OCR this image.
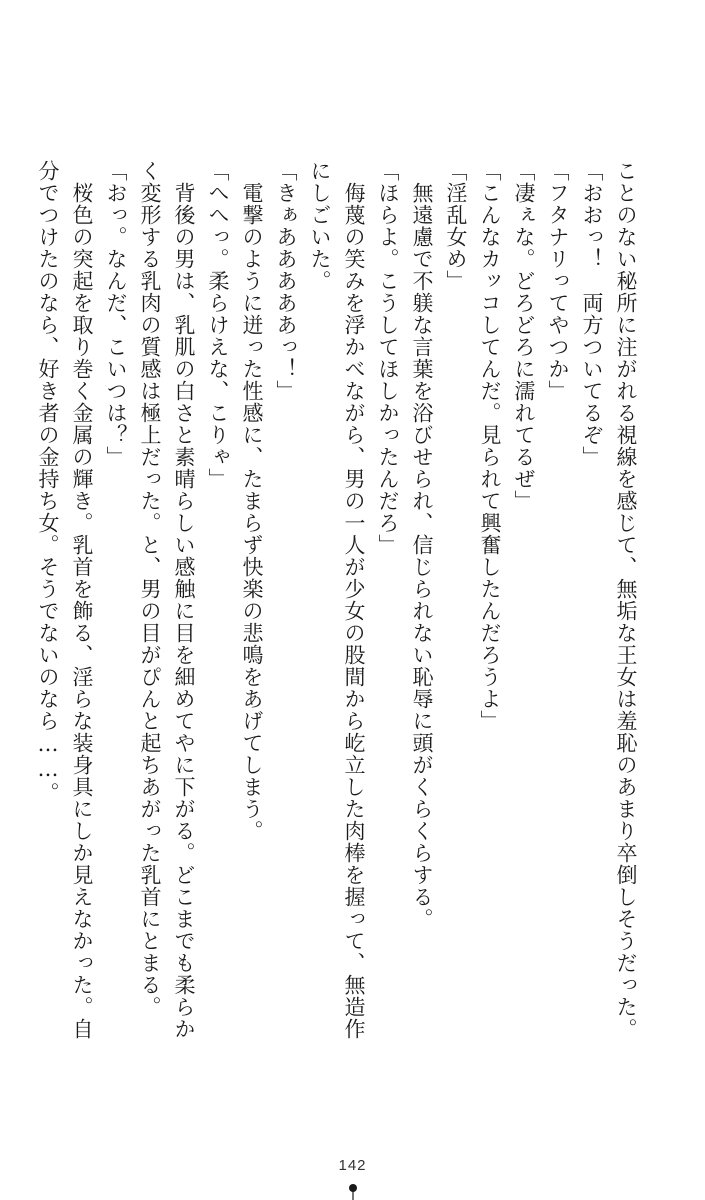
ことのない秘所に注がれる視線を感じて、無垢な王女は羞恥のあまり卒倒しそうだった。

「おおっ！　両方ついてるぞ」

「フタナリってやつか」

「凄ぇな。どろどろに濡れてるぜ」

「こんなカッコしてんだ。見られて興奮したんだろうよ」

「淫乱女め」

　無遠慮で不躾な言葉を浴びせられ、信じられない恥辱に頭がくらくらする。

「ほらよ。こうしてほしかったんだろ」

　侮蔑の笑みを浮かべながら、男の一人が少女の股間から屹立した肉棒を握って、無造作

にしごいた。

「きぁあああああっ！」

　電撃のように迸った性感に、たまらず快楽の悲鳴をあげてしまう。

「へへっ。柔らけえな、こりゃ」

　背後の男は、乳肌の白さと素晴らしい感触に目を細めてやに下がる。どこまでも柔らか

く変形する乳肉の質感は極上だった。と、男の目がぴんと起ちあがった乳首にとまる。

「おっ。なんだ、こいつは？」

　桜色の突起を取り巻く金属の輝き。乳首を飾る、淫らな装身具にしか見えなかった。自

分でつけたのなら、好き者の金持ち女。そうでないのなら……。

142
